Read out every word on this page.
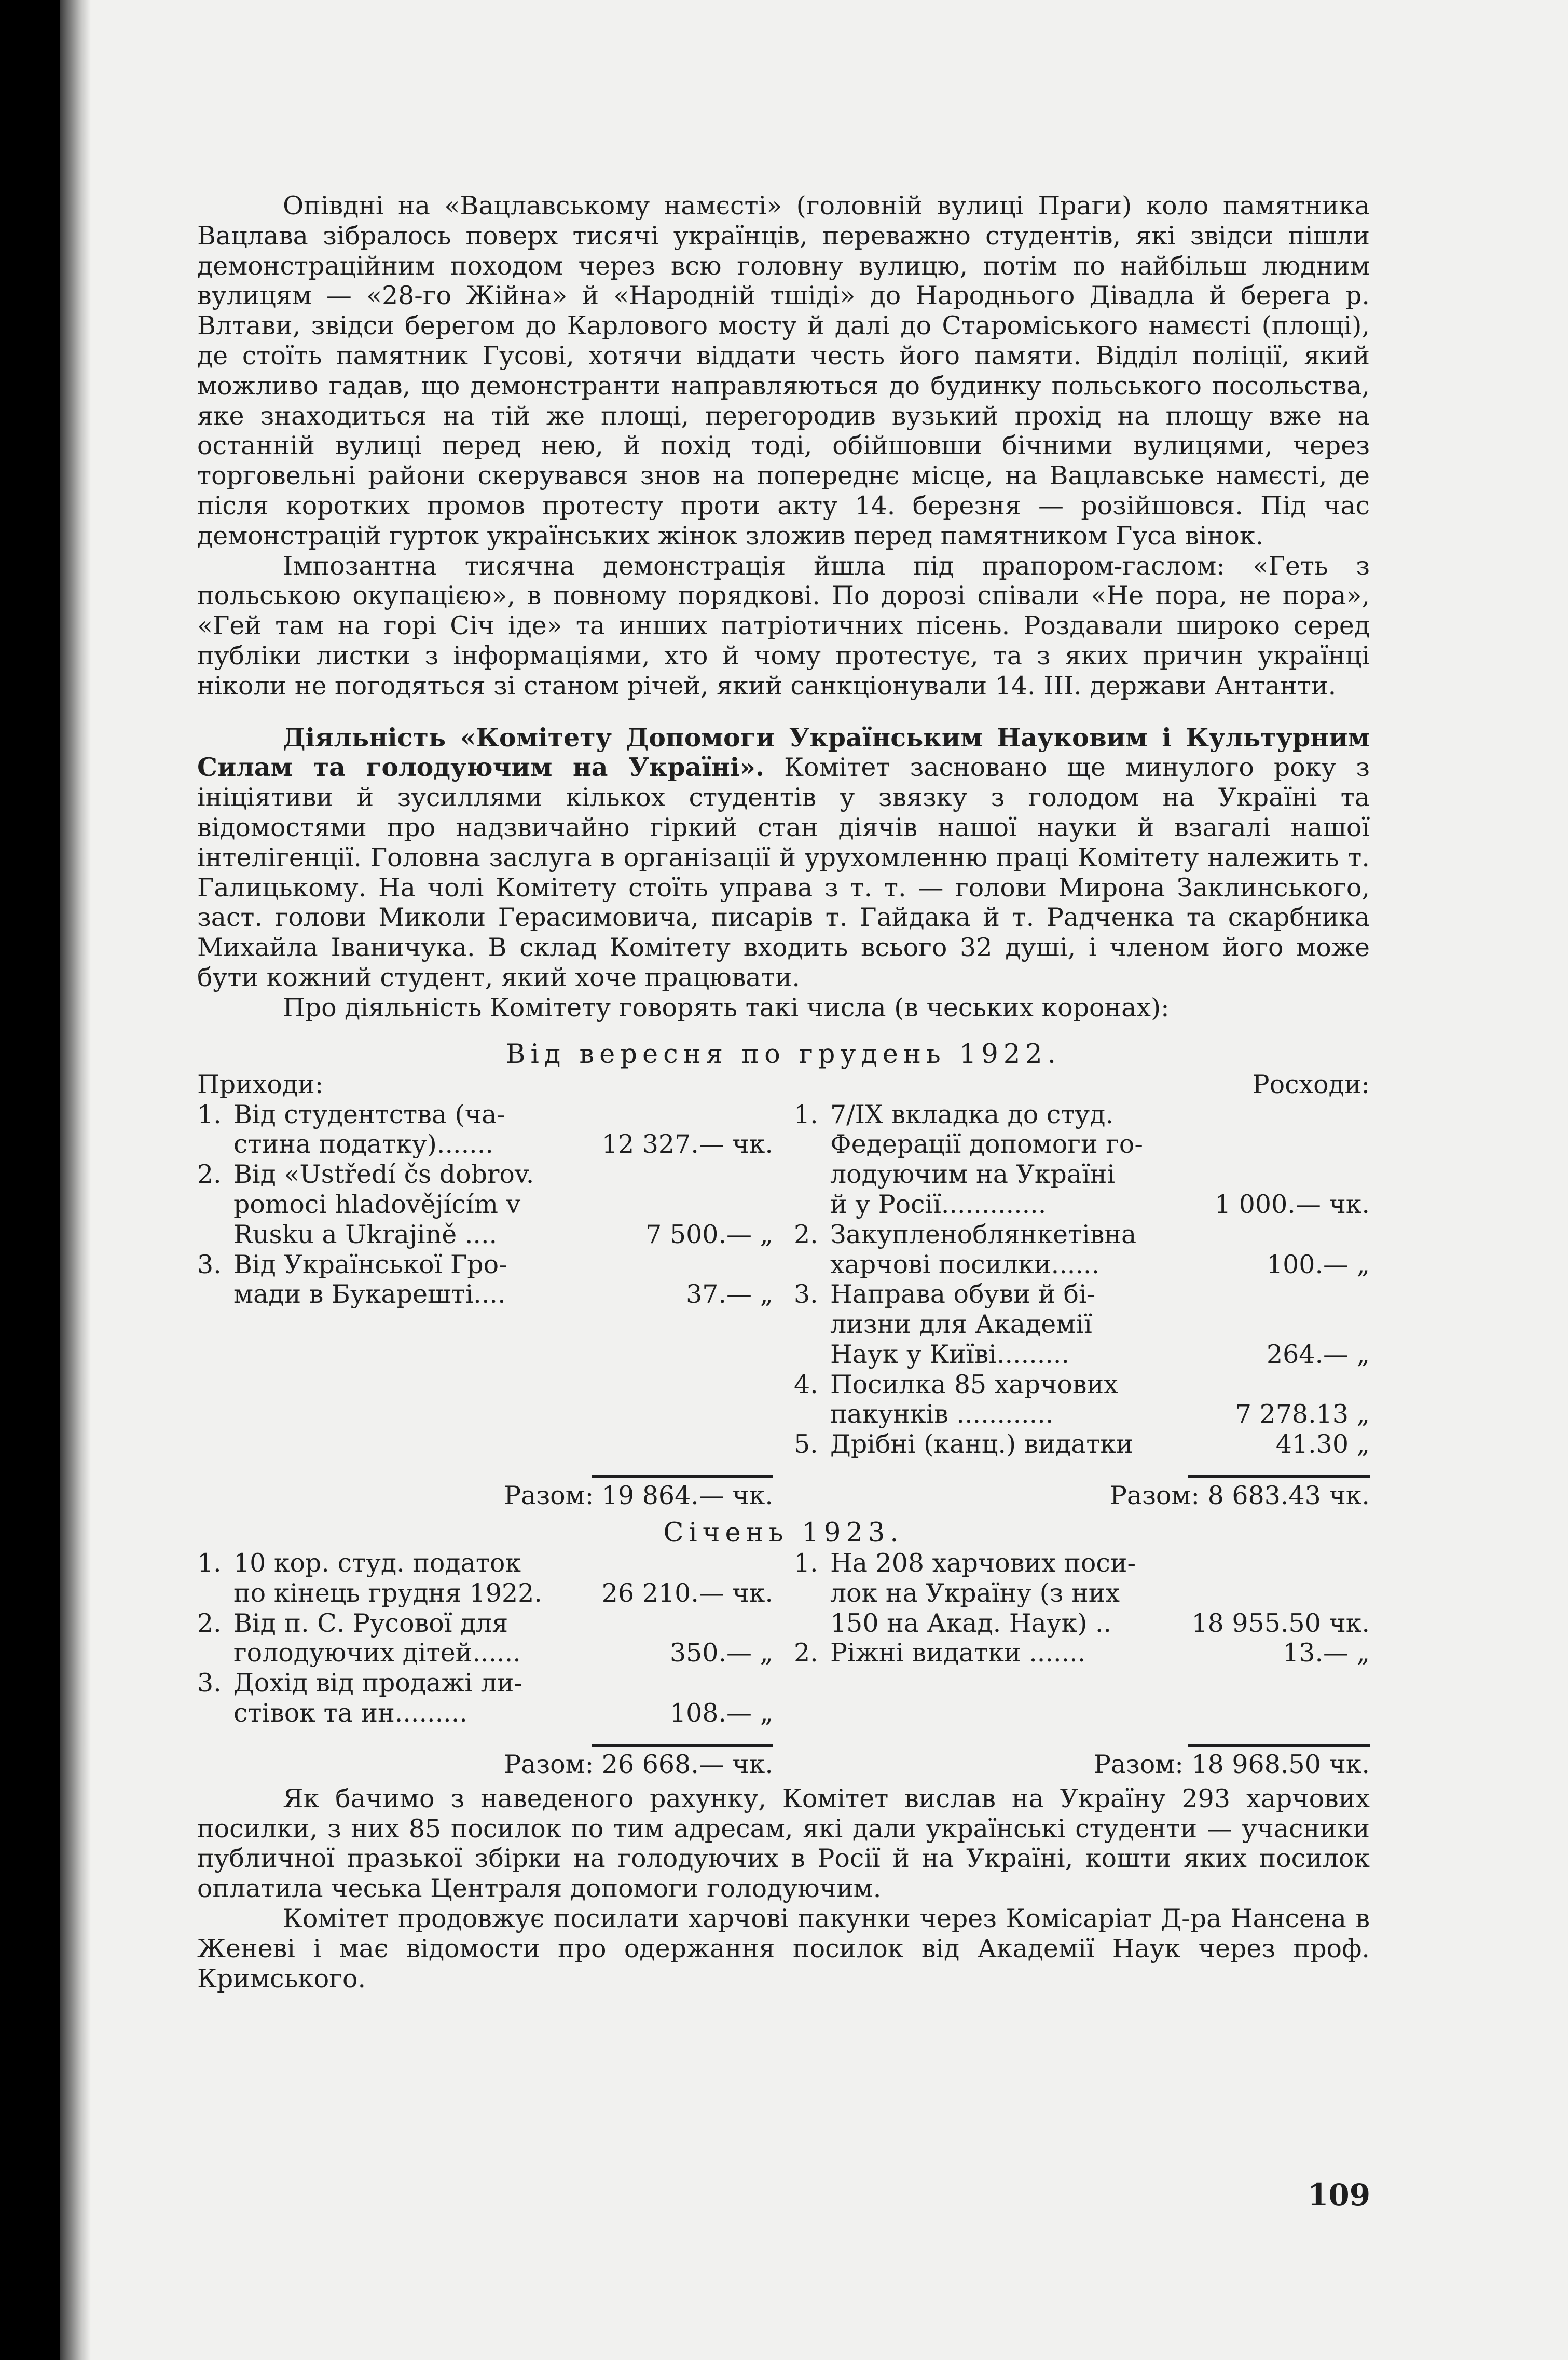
Опівдні на «Вацлавському намєсті» (головній вулиці Праги) коло памятника Вацлава зібралось поверх тисячі українців, переважно студентів, які звідси пішли демонстраційним походом через всю головну вулицю, потім по найбільш людним вулицям — «28-го Жійна» й «Народній тшіді» до Народнього Дівадла й берега р. Влтави, звідси берегом до Карлового мосту й далі до Староміського намєсті (площі), де стоїть памятник Гусові, хотячи віддати честь його памяти. Відділ поліції, який можливо гадав, що демонстранти направляються до будинку польського посольства, яке знаходиться на тій же площі, перегородив вузький прохід на площу вже на останній вулиці перед нею, й похід тоді, обійшовши бічними вулицями, через торговельні райони скерувався знов на попереднє місце, на Вацлавське намєсті, де після коротких промов протесту проти акту 14. березня — розійшовся. Під час демонстрацій гурток українських жінок зложив перед памятником Гуса вінок.

Імпозантна тисячна демонстрація йшла під прапором-гаслом: «Геть з польською окупацією», в повному порядкові. По дорозі співали «Не пора, не пора», «Гей там на горі Січ іде» та инших патріотичних пісень. Роздавали широко серед публіки листки з інформаціями, хто й чому протестує, та з яких причин українці ніколи не погодяться зі станом річей, який санкціонували 14. III. держави Антанти.

Діяльність «Комітету Допомоги Українським Науковим і Культурним Силам та голодуючим на Україні». Комітет засновано ще минулого року з ініціятиви й зусиллями кількох студентів у звязку з голодом на Україні та відомостями про надзвичайно гіркий стан діячів нашої науки й взагалі нашої інтелігенції. Головна заслуга в організації й урухомленню праці Комітету належить т. Галицькому. На чолі Комітету стоїть управа з т. т. — голови Мирона Заклинського, заст. голови Миколи Герасимовича, писарів т. Гайдака й т. Радченка та скарбника Михайла Іваничука. В склад Комітету входить всього 32 душі, і членом його може бути кожний студент, який хоче працювати.

Про діяльність Комітету говорять такі числа (в чеських коронах):

Від вересня по грудень 1922.
Приходи:	Росходи:
1. Від студентства (ча-
стина податку).......	12 327.— чк.
2. Від «Ustředí čs dobrov.
pomoci hladovějícím v
Rusku a Ukrajině ....	7 500.— „
3. Від Української Гро-
мади в Букарешті....	37.— „
Разом: 19 864.— чк.
1. 7/IX вкладка до студ.
Федерації допомоги го-
лодуючим на Україні
й у Росії.............	1 000.— чк.
2. Закупленоблянкетівна
харчові посилки......	100.— „
3. Направа обуви й бі-
лизни для Академії
Наук у Київі.........	264.— „
4. Посилка 85 харчових
пакунків ............	7 278.13 „
5. Дрібні (канц.) видатки	41.30 „
Разом: 8 683.43 чк.
Січень 1923.
1. 10 кор. студ. податок
по кінець грудня 1922.	26 210.— чк.
2. Від п. С. Русової для
голодуючих дітей......	350.— „
3. Дохід від продажі ли-
стівок та ин.........	108.— „
Разом: 26 668.— чк.
1. На 208 харчових поси-
лок на Україну (з них
150 на Акад. Наук) ..	18 955.50 чк.
2. Ріжні видатки .......	13.— „
Разом: 18 968.50 чк.

Як бачимо з наведеного рахунку, Комітет вислав на Україну 293 харчових посилки, з них 85 посилок по тим адресам, які дали українські студенти — учасники публичної празької збірки на голодуючих в Росії й на Україні, кошти яких посилок оплатила чеська Централя допомоги голодуючим.

Комітет продовжує посилати харчові пакунки через Комісаріат Д-ра Нансена в Женеві і має відомости про одержання посилок від Академії Наук через проф. Кримського.

109
